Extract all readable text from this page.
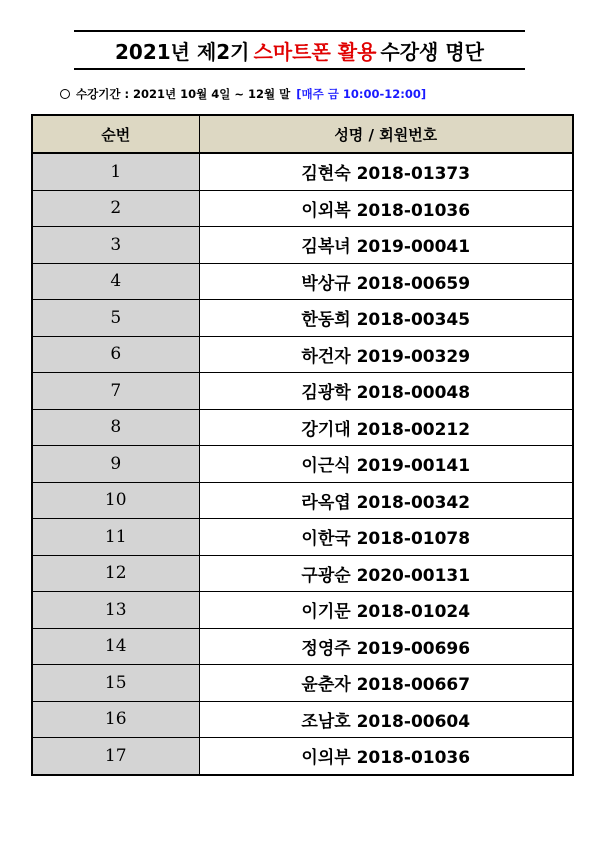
2021년 제2기 스마트폰 활용 수강생 명단
수강기간 : 2021년 10월 4일 ~ 12월 말 [매주 금 10:00-12:00]
순번	성명 / 회원번호
1	김현숙 2018-01373
2	이외복 2018-01036
3	김복녀 2019-00041
4	박상규 2018-00659
5	한동희 2018-00345
6	하건자 2019-00329
7	김광학 2018-00048
8	강기대 2018-00212
9	이근식 2019-00141
10	라옥엽 2018-00342
11	이한국 2018-01078
12	구광순 2020-00131
13	이기문 2018-01024
14	정영주 2019-00696
15	윤춘자 2018-00667
16	조남호 2018-00604
17	이의부 2018-01036
